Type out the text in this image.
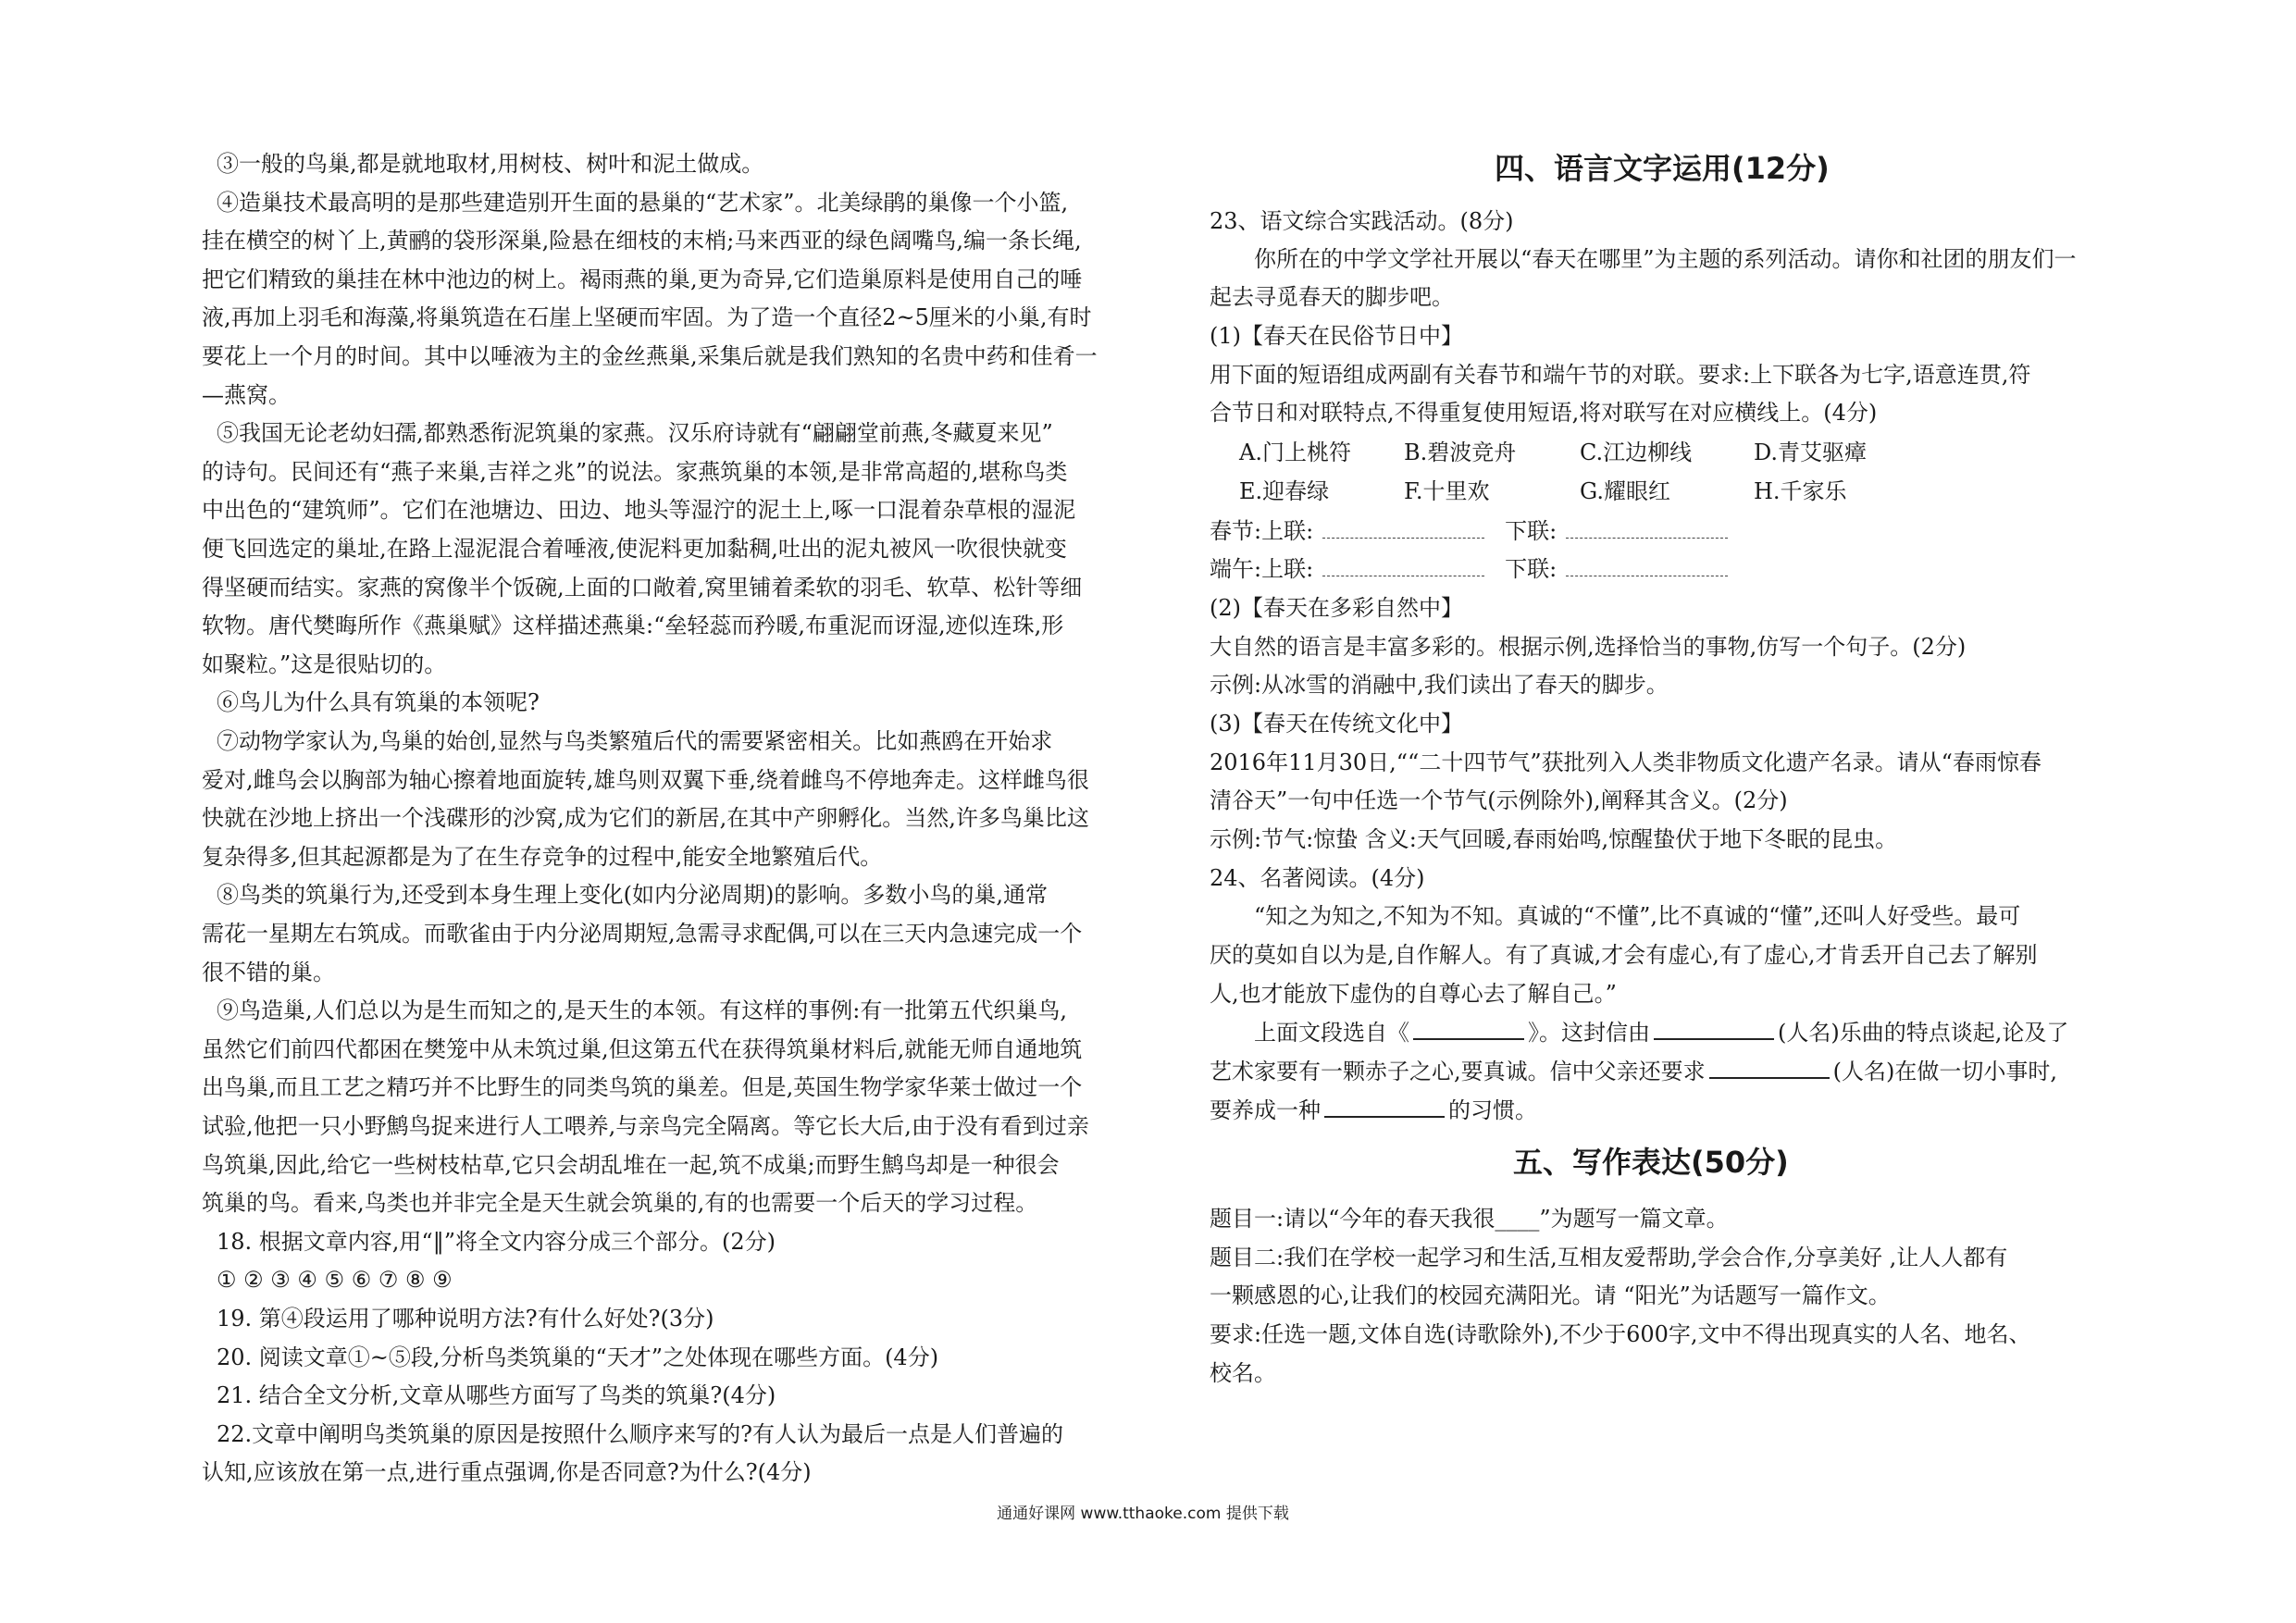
③一般的鸟巢,都是就地取材,用树枝、树叶和泥土做成。
④造巢技术最高明的是那些建造别开生面的悬巢的“艺术家”。北美绿鹃的巢像一个小篮,
挂在横空的树丫上,黄鹂的袋形深巢,险悬在细枝的末梢;马来西亚的绿色阔嘴鸟,编一条长绳,
把它们精致的巢挂在林中池边的树上。褐雨燕的巢,更为奇异,它们造巢原料是使用自己的唾
液,再加上羽毛和海藻,将巢筑造在石崖上坚硬而牢固。为了造一个直径2~5厘米的小巢,有时
要花上一个月的时间。其中以唾液为主的金丝燕巢,采集后就是我们熟知的名贵中药和佳肴一
—燕窝。
⑤我国无论老幼妇孺,都熟悉衔泥筑巢的家燕。汉乐府诗就有“翩翩堂前燕,冬藏夏来见”
的诗句。民间还有“燕子来巢,吉祥之兆”的说法。家燕筑巢的本领,是非常高超的,堪称鸟类
中出色的“建筑师”。它们在池塘边、田边、地头等湿泞的泥土上,啄一口混着杂草根的湿泥
便飞回选定的巢址,在路上湿泥混合着唾液,使泥料更加黏稠,吐出的泥丸被风一吹很快就变
得坚硬而结实。家燕的窝像半个饭碗,上面的口敞着,窝里铺着柔软的羽毛、软草、松针等细
软物。唐代樊晦所作《燕巢赋》这样描述燕巢:“垒轻蕊而矜暖,布重泥而讶湿,迹似连珠,形
如聚粒。”这是很贴切的。
⑥鸟儿为什么具有筑巢的本领呢?
⑦动物学家认为,鸟巢的始创,显然与鸟类繁殖后代的需要紧密相关。比如燕鸥在开始求
爱对,雌鸟会以胸部为轴心擦着地面旋转,雄鸟则双翼下垂,绕着雌鸟不停地奔走。这样雌鸟很
快就在沙地上挤出一个浅碟形的沙窝,成为它们的新居,在其中产卵孵化。当然,许多鸟巢比这
复杂得多,但其起源都是为了在生存竞争的过程中,能安全地繁殖后代。
⑧鸟类的筑巢行为,还受到本身生理上变化(如内分泌周期)的影响。多数小鸟的巢,通常
需花一星期左右筑成。而歌雀由于内分泌周期短,急需寻求配偶,可以在三天内急速完成一个
很不错的巢。
⑨鸟造巢,人们总以为是生而知之的,是天生的本领。有这样的事例:有一批第五代织巢鸟,
虽然它们前四代都困在樊笼中从未筑过巢,但这第五代在获得筑巢材料后,就能无师自通地筑
出鸟巢,而且工艺之精巧并不比野生的同类鸟筑的巢差。但是,英国生物学家华莱士做过一个
试验,他把一只小野鹪鸟捉来进行人工喂养,与亲鸟完全隔离。等它长大后,由于没有看到过亲
鸟筑巢,因此,给它一些树枝枯草,它只会胡乱堆在一起,筑不成巢;而野生鹪鸟却是一种很会
筑巢的鸟。看来,鸟类也并非完全是天生就会筑巢的,有的也需要一个后天的学习过程。
18. 根据文章内容,用“‖”将全文内容分成三个部分。(2分)
① ② ③ ④ ⑤ ⑥ ⑦ ⑧ ⑨
19. 第④段运用了哪种说明方法?有什么好处?(3分)
20. 阅读文章①~⑤段,分析鸟类筑巢的“天才”之处体现在哪些方面。(4分)
21. 结合全文分析,文章从哪些方面写了鸟类的筑巢?(4分)
22.文章中阐明鸟类筑巢的原因是按照什么顺序来写的?有人认为最后一点是人们普遍的
认知,应该放在第一点,进行重点强调,你是否同意?为什么?(4分)
四、语言文字运用(12分)
23、语文综合实践活动。(8分)
你所在的中学文学社开展以“春天在哪里”为主题的系列活动。请你和社团的朋友们一
起去寻觅春天的脚步吧。
(1)【春天在民俗节日中】
用下面的短语组成两副有关春节和端午节的对联。要求:上下联各为七字,语意连贯,符
合节日和对联特点,不得重复使用短语,将对联写在对应横线上。(4分)
A.门上桃符 B.碧波竞舟	C.江边柳线	D.青艾驱瘴
E.迎春绿	F.十里欢	G.耀眼红	H.千家乐
春节:上联:	下联:
端午:上联:	下联:
(2)【春天在多彩自然中】
大自然的语言是丰富多彩的。根据示例,选择恰当的事物,仿写一个句子。(2分)
示例:从冰雪的消融中,我们读出了春天的脚步。
(3)【春天在传统文化中】
2016年11月30日,““二十四节气”获批列入人类非物质文化遗产名录。请从“春雨惊春
清谷天”一句中任选一个节气(示例除外),阐释其含义。(2分)
示例:节气:惊蛰 含义:天气回暖,春雨始鸣,惊醒蛰伏于地下冬眠的昆虫。
24、名著阅读。(4分)
“知之为知之,不知为不知。真诚的“不懂”,比不真诚的“懂”,还叫人好受些。最可
厌的莫如自以为是,自作解人。有了真诚,才会有虚心,有了虚心,才肯丢开自己去了解别
人,也才能放下虚伪的自尊心去了解自己。”
上面文段选自《	》。这封信由	(人名)乐曲的特点谈起,论及了
艺术家要有一颗赤子之心,要真诚。信中父亲还要求	(人名)在做一切小事时,
要养成一种	的习惯。
五、写作表达(50分)
题目一:请以“今年的春天我很____”为题写一篇文章。
题目二:我们在学校一起学习和生活,互相友爱帮助,学会合作,分享美好 ,让人人都有
一颗感恩的心,让我们的校园充满阳光。请 “阳光”为话题写一篇作文。
要求:任选一题,文体自选(诗歌除外),不少于600字,文中不得出现真实的人名、地名、
校名。
通通好课网 www.tthaoke.com 提供下载
